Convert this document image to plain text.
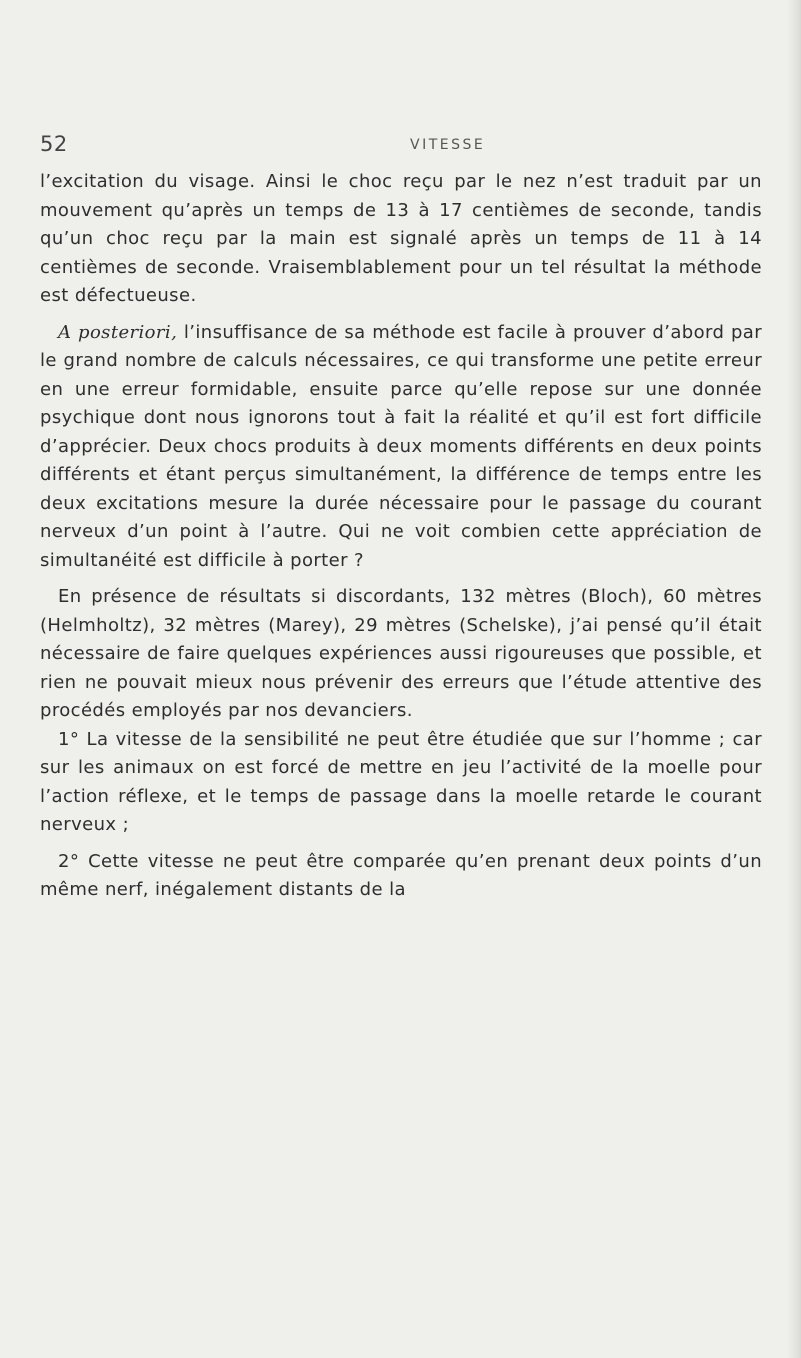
52	VITESSE

l’excitation du visage. Ainsi le choc reçu par le nez n’est traduit par un mouvement qu’après un temps de 13 à 17 centièmes de seconde, tandis qu’un choc reçu par la main est signalé après un temps de 11 à 14 centièmes de seconde. Vraisemblablement pour un tel résultat la méthode est défectueuse.

A posteriori, l’insuffisance de sa méthode est facile à prouver d’abord par le grand nombre de calculs nécessaires, ce qui transforme une petite erreur en une erreur formidable, ensuite parce qu’elle repose sur une donnée psychique dont nous ignorons tout à fait la réalité et qu’il est fort difficile d’apprécier. Deux chocs produits à deux moments différents en deux points différents et étant perçus simultanément, la différence de temps entre les deux excitations mesure la durée nécessaire pour le passage du courant nerveux d’un point à l’autre. Qui ne voit combien cette appréciation de simultanéité est difficile à porter ?

En présence de résultats si discordants, 132 mètres (Bloch), 60 mètres (Helmholtz), 32 mètres (Marey), 29 mètres (Schelske), j’ai pensé qu’il était nécessaire de faire quelques expériences aussi rigoureuses que possible, et rien ne pouvait mieux nous prévenir des erreurs que l’étude attentive des procédés employés par nos devanciers.

1° La vitesse de la sensibilité ne peut être étudiée que sur l’homme ; car sur les animaux on est forcé de mettre en jeu l’activité de la moelle pour l’action réflexe, et le temps de passage dans la moelle retarde le courant nerveux ;

2° Cette vitesse ne peut être comparée qu’en prenant deux points d’un même nerf, inégalement distants de la
